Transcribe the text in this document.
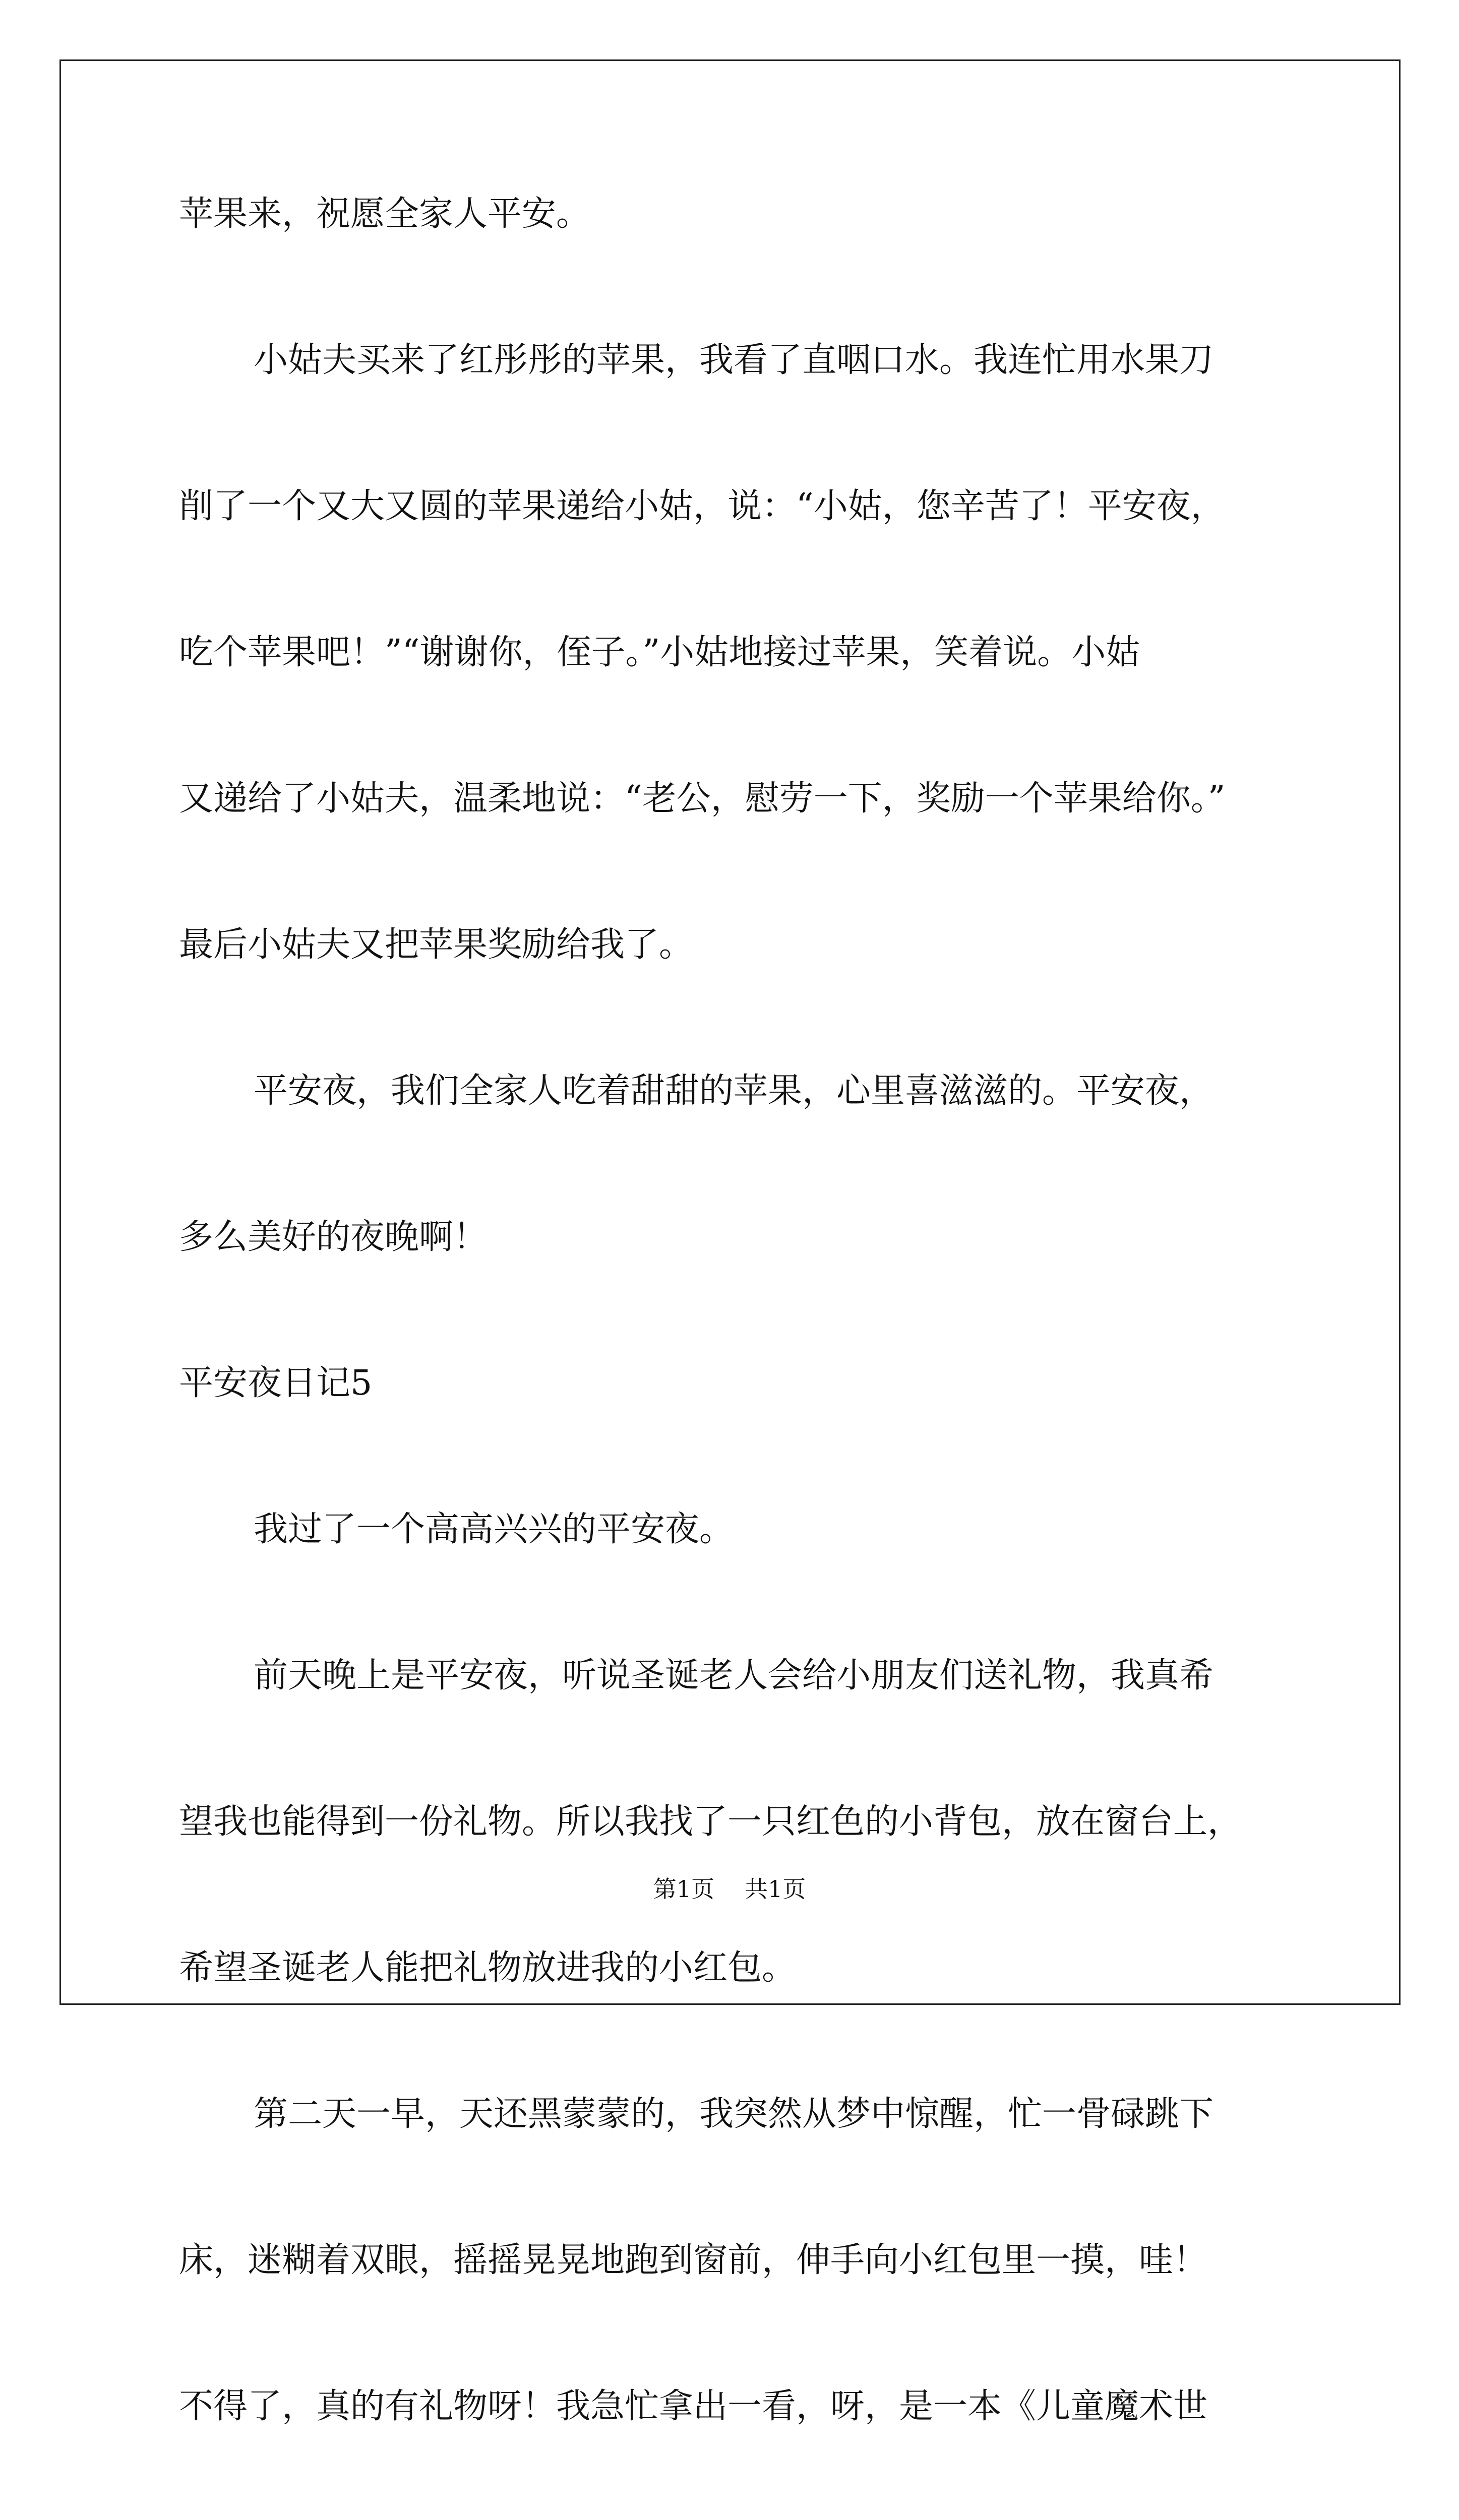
苹果来，祝愿全家人平安。
小姑夫买来了红彤彤的苹果，我看了直咽口水。我连忙用水果刀
削了一个又大又圆的苹果递给小姑，说：“小姑，您辛苦了！平安夜，
吃个苹果吧！”“谢谢你，侄子。”小姑地接过苹果，笑着说。小姑
又递给了小姑夫，温柔地说：“老公，慰劳一下，奖励一个苹果给你。”
最后小姑夫又把苹果奖励给我了。
平安夜，我们全家人吃着甜甜的苹果，心里喜滋滋的。平安夜，
多么美好的夜晚啊！
平安夜日记5
我过了一个高高兴兴的平安夜。
前天晚上是平安夜，听说圣诞老人会给小朋友们送礼物，我真希
望我也能得到一份礼物。所以我找了一只红色的小背包，放在窗台上，
希望圣诞老人能把礼物放进我的小红包。
第二天一早，天还黑蒙蒙的，我突然从梦中惊醒，忙一骨碌跳下
床，迷糊着双眼，摇摇晃晃地跑到窗前，伸手向小红包里一摸，哇！
不得了，真的有礼物呀！我急忙拿出一看，呀，是一本《儿童魔术世
第1页 共1页
